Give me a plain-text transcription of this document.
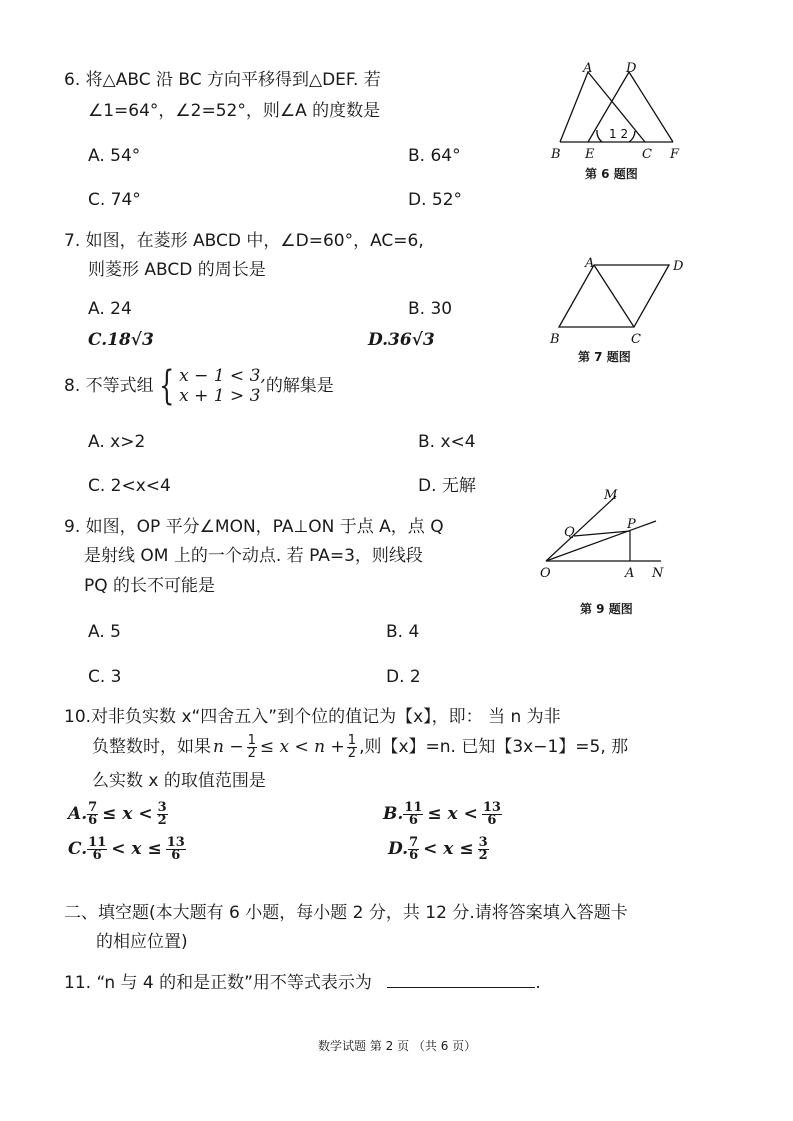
6. 将△ABC 沿 BC 方向平移得到△DEF. 若
∠1=64°，∠2=52°，则∠A 的度数是
A. 54°	B. 64°
C. 74°	D. 52°
A	D
B E	C F
1 2
第 6 题图
7. 如图，在菱形 ABCD 中，∠D=60°，AC=6,
则菱形 ABCD 的周长是
A. 24	B. 30
C.18√3	D.36√3
A	D
B	C
第 7 题图
8. 不等式组 { x − 1 < 3,
x + 1 > 3 的解集是
A. x>2	B. x<4
C. 2<x<4	D. 无解
9. 如图，OP 平分∠MON，PA⊥ON 于点 A，点 Q
是射线 OM 上的一个动点. 若 PA=3，则线段
PQ 的长不可能是
A. 5	B. 4
C. 3	D. 2
M
Q
P
O	A N
第 9 题图
10.对非负实数 x“四舍五入”到个位的值记为【x】，即： 当 n 为非
负整数时，如果 $n - \frac{1}{2} \le x < n + \frac{1}{2}$ ,则【x】=n. 已知【3x−1】=5, 那
么实数 x 的取值范围是
A. $\frac{7}{6} \le x < \frac{3}{2}$	B. $\frac{11}{6} \le x < \frac{13}{6}$
C. $\frac{11}{6} < x \le \frac{13}{6}$	D. $\frac{7}{6} < x \le \frac{3}{2}$
二、填空题(本大题有 6 小题，每小题 2 分，共 12 分.请将答案填入答题卡
的相应位置)
11. “n 与 4 的和是正数”用不等式表示为	.
数学试题 第 2 页 （共 6 页）
